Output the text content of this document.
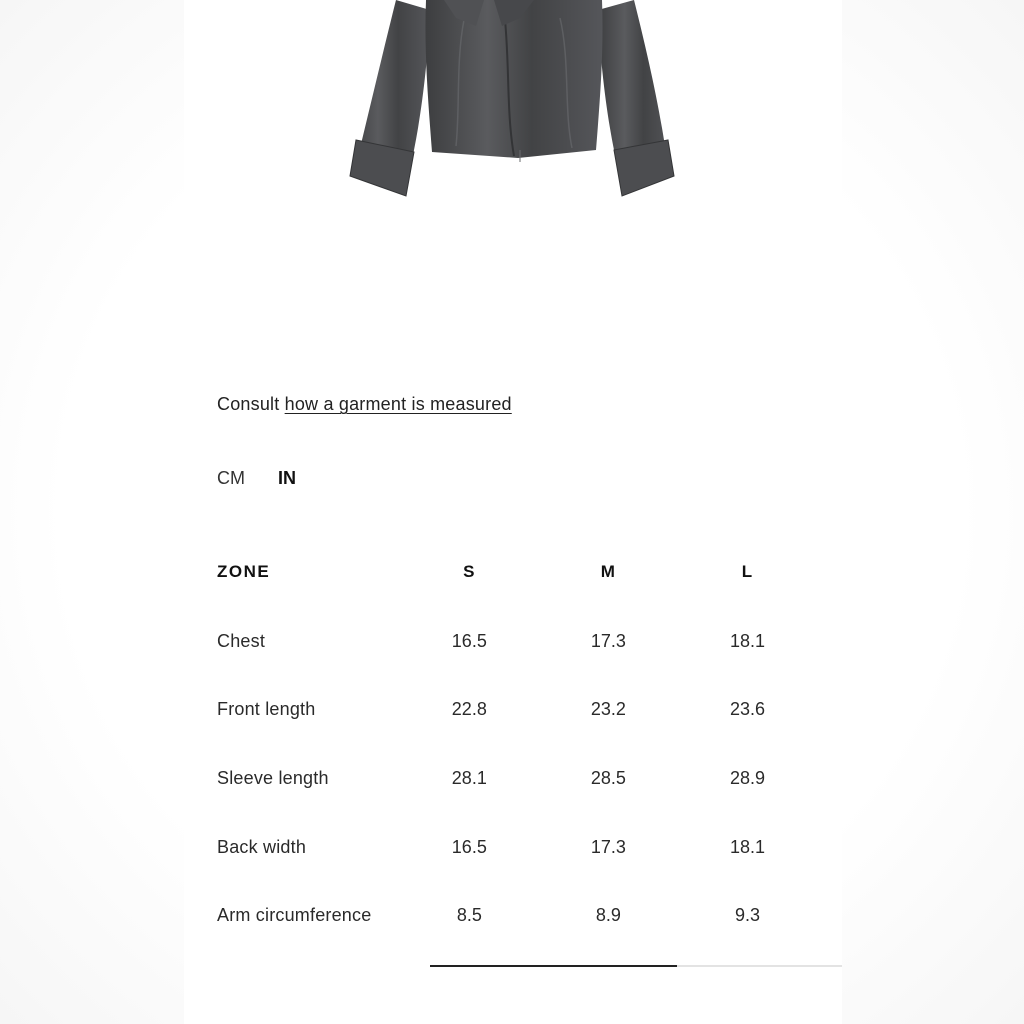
Consult how a garment is measured
CM IN
ZONE	S	M	L
Chest	16.5	17.3	18.1
Front length	22.8	23.2	23.6
Sleeve length	28.1	28.5	28.9
Back width	16.5	17.3	18.1
Arm circumference	8.5	8.9	9.3
